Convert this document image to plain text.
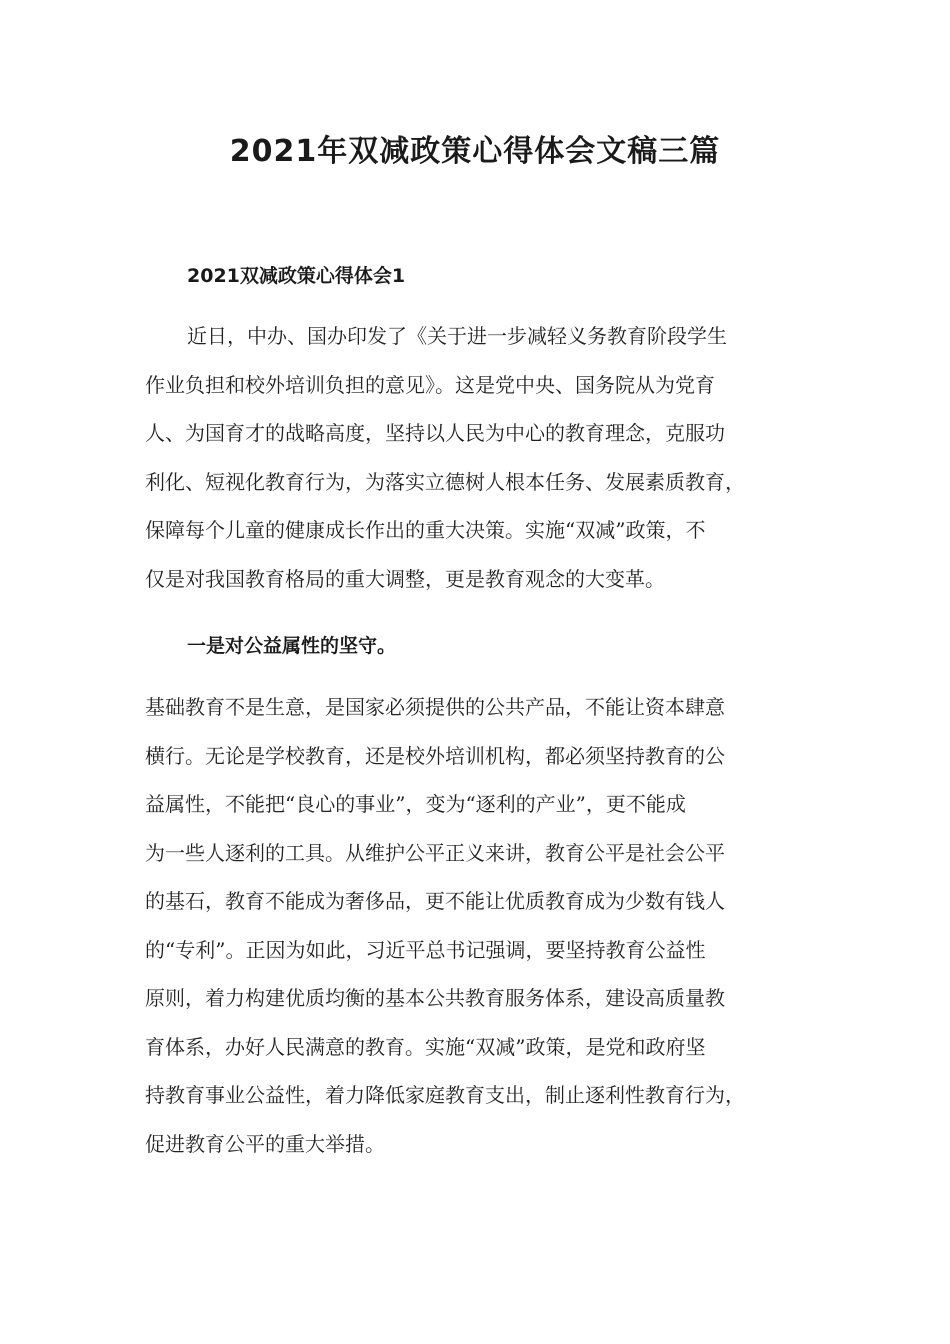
2021年双减政策心得体会文稿三篇
2021双减政策心得体会1
近日，中办、国办印发了《关于进一步减轻义务教育阶段学生
作业负担和校外培训负担的意见》。这是党中央、国务院从为党育
人、为国育才的战略高度，坚持以人民为中心的教育理念，克服功
利化、短视化教育行为，为落实立德树人根本任务、发展素质教育，
保障每个儿童的健康成长作出的重大决策。实施“双减”政策，不
仅是对我国教育格局的重大调整，更是教育观念的大变革。
一是对公益属性的坚守。
基础教育不是生意，是国家必须提供的公共产品，不能让资本肆意
横行。无论是学校教育，还是校外培训机构，都必须坚持教育的公
益属性，不能把“良心的事业”，变为“逐利的产业”，更不能成
为一些人逐利的工具。从维护公平正义来讲，教育公平是社会公平
的基石，教育不能成为奢侈品，更不能让优质教育成为少数有钱人
的“专利”。正因为如此，习近平总书记强调，要坚持教育公益性
原则，着力构建优质均衡的基本公共教育服务体系，建设高质量教
育体系，办好人民满意的教育。实施“双减”政策，是党和政府坚
持教育事业公益性，着力降低家庭教育支出，制止逐利性教育行为，
促进教育公平的重大举措。
